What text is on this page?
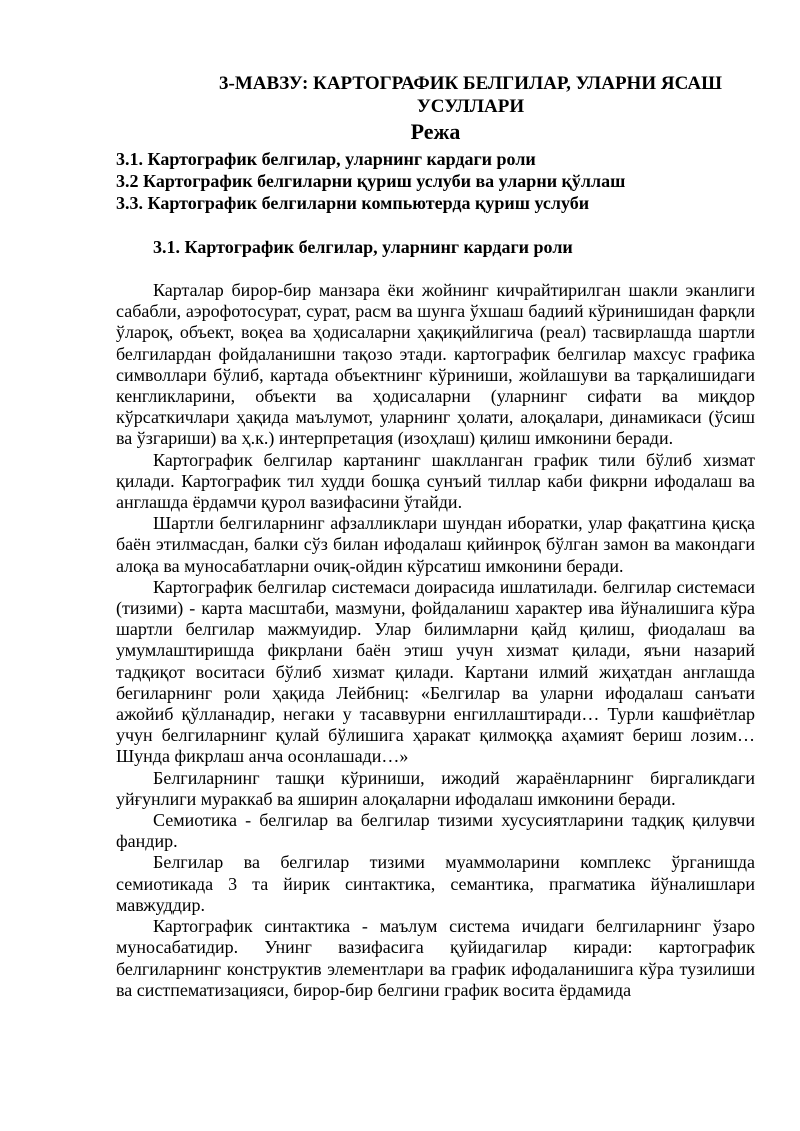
3-МАВЗУ: КАРТОГРАФИК БЕЛГИЛАР, УЛАРНИ ЯСАШ УСУЛЛАРИ
Режа
3.1. Картографик белгилар, уларнинг кардаги роли
3.2 Картографик белгиларни қуриш услуби ва уларни қўллаш
3.3. Картографик белгиларни компьютерда қуриш услуби
3.1. Картографик белгилар, уларнинг кардаги роли

Карталар бирор-бир манзара ёки жойнинг кичрайтирилган шакли эканлиги сабабли, аэрофотосурат, сурат, расм ва шунга ўхшаш бадиий кўринишидан фарқли ўлароқ, объект, воқеа ва ҳодисаларни ҳақиқийлигича (реал) тасвирлашда шартли белгилардан фойдаланишни тақозо этади. картографик белгилар махсус графика символлари бўлиб, картада объектнинг кўриниши, жойлашуви ва тарқалишидаги кенгликларини, объекти ва ҳодисаларни (уларнинг сифати ва миқдор кўрсаткичлари ҳақида маълумот, уларнинг ҳолати, алоқалари, динамикаси (ўсиш ва ўзгариши) ва ҳ.к.) интерпретация (изоҳлаш) қилиш имконини беради.

Картографик белгилар картанинг шаклланган график тили бўлиб хизмат қилади. Картографик тил худди бошқа сунъий тиллар каби фикрни ифодалаш ва англашда ёрдамчи қурол вазифасини ўтайди.

Шартли белгиларнинг афзалликлари шундан иборатки, улар фақатгина қисқа баён этилмасдан, балки сўз билан ифодалаш қийинроқ бўлган замон ва макондаги алоқа ва муносабатларни очиқ-ойдин кўрсатиш имконини беради.

Картографик белгилар системаси доирасида ишлатилади. белгилар системаси (тизими) - карта масштаби, мазмуни, фойдаланиш характер ива йўналишига кўра шартли белгилар мажмуидир. Улар билимларни қайд қилиш, фиодалаш ва умумлаштиришда фикрлани баён этиш учун хизмат қилади, яъни назарий тадқиқот воситаси бўлиб хизмат қилади. Картани илмий жиҳатдан англашда бегиларнинг роли ҳақида Лейбниц: «Белгилар ва уларни ифодалаш санъати ажойиб қўлланадир, негаки у тасаввурни енгиллаштиради… Турли кашфиётлар учун белгиларнинг қулай бўлишига ҳаракат қилмоққа аҳамият бериш лозим… Шунда фикрлаш анча осонлашади…»

Белгиларнинг ташқи кўриниши, ижодий жараёнларнинг биргаликдаги уйғунлиги мураккаб ва яширин алоқаларни ифодалаш имконини беради.

Семиотика - белгилар ва белгилар тизими хусусиятларини тадқиқ қилувчи фандир.

Белгилар ва белгилар тизими муаммоларини комплекс ўрганишда семиотикада 3 та йирик синтактика, семантика, прагматика йўналишлари мавжуддир.

Картографик синтактика - маълум система ичидаги белгиларнинг ўзаро муносабатидир. Унинг вазифасига қуйидагилар киради: картографик белгиларнинг конструктив элементлари ва график ифодаланишига кўра тузилиши ва систпематизацияси, бирор-бир белгини график восита ёрдамида
